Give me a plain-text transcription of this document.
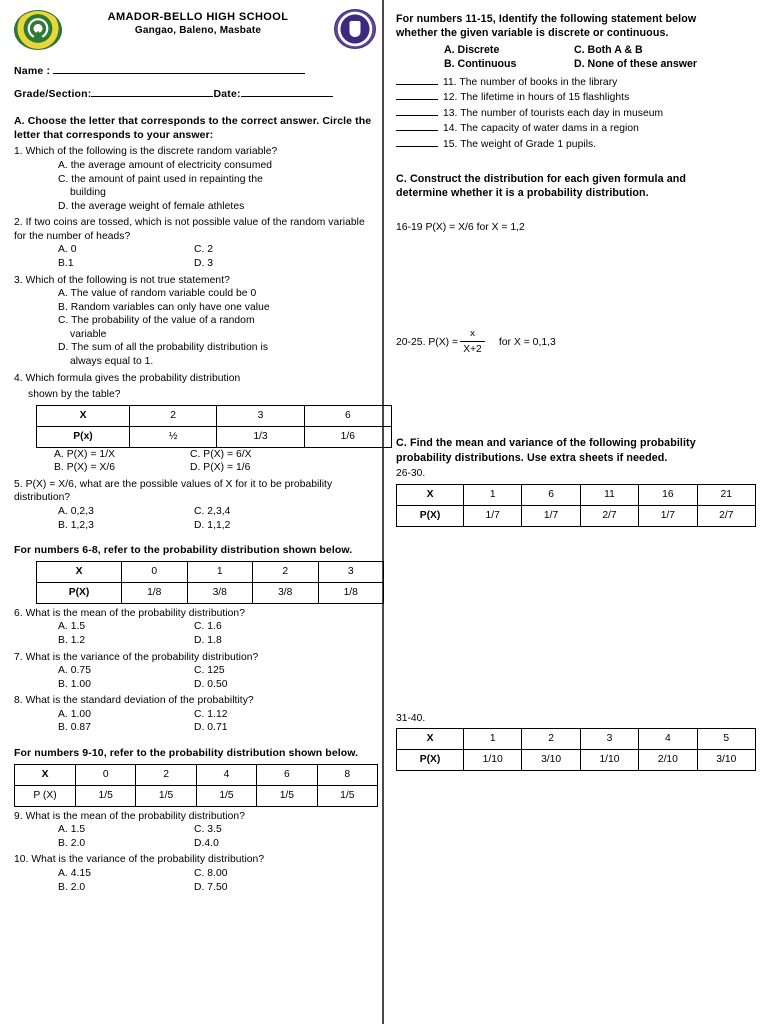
AMADOR-BELLO HIGH SCHOOL
Gangao, Baleno, Masbate
Name :
Grade/Section:	Date:
A. Choose the letter that corresponds to the correct answer. Circle the letter that corresponds to your answer:
1. Which of the following is the discrete random variable?
A. the average amount of electricity consumed
C. the amount of paint used in repainting the
building
D. the average weight of female athletes
2. If two coins are tossed, which is not possible value of the random variable for the number of heads?
A. 0	C. 2
B.1	D. 3
3. Which of the following is not true statement?
A. The value of random variable could be 0
B. Random variables can only have one value
C. The probability of the value of a random
variable
D. The sum of all the probability distribution is
always equal to 1.
4. Which formula gives the probability distribution
shown by the table?
X	2	3	6
P(x)	½	1/3	1/6
A. P(X) = 1/X	C. P(X) = 6/X
B. P(X) = X/6	D. P(X) = 1/6
5. P(X) = X/6, what are the possible values of X for it to be probability distribution?
A. 0,2,3	C. 2,3,4
B. 1,2,3	D. 1,1,2
For numbers 6-8, refer to the probability distribution shown below.
X	0	1	2	3
P(X)	1/8	3/8	3/8	1/8
6. What is the mean of the probability distribution?
A. 1.5	C. 1.6
B. 1.2	D. 1.8
7. What is the variance of the probability distribution?
A. 0.75	C. 125
B. 1.00	D. 0.50
8. What is the standard deviation of the probabiltity?
A. 1.00	C. 1.12
B. 0.87	D. 0.71
For numbers 9-10, refer to the probability distribution shown below.
X	0	2	4	6	8
P (X)	1/5	1/5	1/5	1/5	1/5
9. What is the mean of the probability distribution?
A. 1.5	C. 3.5
B. 2.0	D.4.0
10. What is the variance of the probability distribution?
A. 4.15	C. 8.00
B. 2.0	D. 7.50
For numbers 11-15, Identify the following statement below
whether the given variable is discrete or continuous.
A. Discrete	C. Both A & B
B. Continuous	D. None of these answer
11. The number of books in the library
12. The lifetime in hours of 15 flashlights
13. The number of tourists each day in museum
14. The capacity of water dams in a region
15. The weight of Grade 1 pupils.
C. Construct the distribution for each given formula and
determine whether it is a probability distribution.
16-19 P(X) = X/6 for X = 1,2
20-25. $P(X) = \frac{x}{X+2}$ for X = 0,1,3
C. Find the mean and variance of the following probability
probability distributions. Use extra sheets if needed.
26-30.
X	1	6	11	16	21
P(X)	1/7	1/7	2/7	1/7	2/7
31-40.
X	1	2	3	4	5
P(X)	1/10	3/10	1/10	2/10	3/10
